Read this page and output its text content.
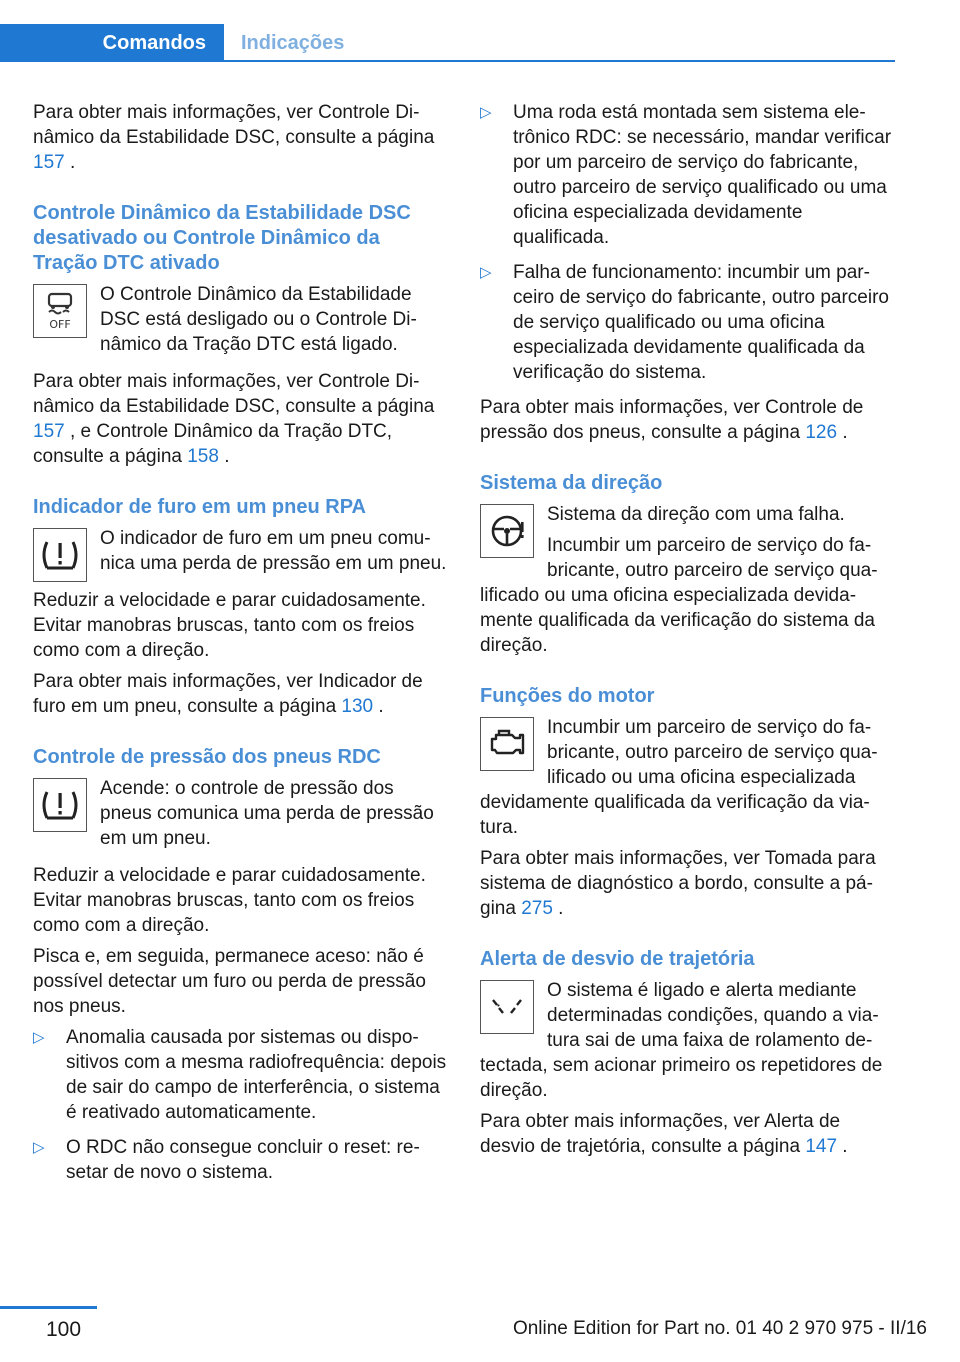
Comandos	Indicações

Para obter mais informações, ver Controle Dinâmico da Estabilidade DSC, consulte a página 157 .

Controle Dinâmico da Estabilidade DSC desativado ou Controle Dinâmico da Tração DTC ativado
OFF

O Controle Dinâmico da Estabilidade DSC está desligado ou o Controle Dinâmico da Tração DTC está ligado.

Para obter mais informações, ver Controle Dinâmico da Estabilidade DSC, consulte a página 157 , e Controle Dinâmico da Tração DTC, consulte a página 158 .

Indicador de furo em um pneu RPA

O indicador de furo em um pneu comunica uma perda de pressão em um pneu.

Reduzir a velocidade e parar cuidadosamente. Evitar manobras bruscas, tanto com os freios como com a direção.

Para obter mais informações, ver Indicador de furo em um pneu, consulte a página 130 .

Controle de pressão dos pneus RDC

Acende: o controle de pressão dos pneus comunica uma perda de pressão em um pneu.

Reduzir a velocidade e parar cuidadosamente. Evitar manobras bruscas, tanto com os freios como com a direção.

Pisca e, em seguida, permanece aceso: não é possível detectar um furo ou perda de pressão nos pneus.

▷ Anomalia causada por sistemas ou dispositivos com a mesma radiofrequência: depois de sair do campo de interferência, o sistema é reativado automaticamente.
▷ O RDC não consegue concluir o reset: resetar de novo o sistema.
▷ Uma roda está montada sem sistema eletrônico RDC: se necessário, mandar verificar por um parceiro de serviço do fabricante, outro parceiro de serviço qualificado ou uma oficina especializada devidamente qualificada.
▷ Falha de funcionamento: incumbir um parceiro de serviço do fabricante, outro parceiro de serviço qualificado ou uma oficina especializada devidamente qualificada da verificação do sistema.

Para obter mais informações, ver Controle de pressão dos pneus, consulte a página 126 .

Sistema da direção

Sistema da direção com uma falha.

Incumbir um parceiro de serviço do fabricante, outro parceiro de serviço qualificado ou uma oficina especializada devidamente qualificada da verificação do sistema da direção.

Funções do motor

Incumbir um parceiro de serviço do fabricante, outro parceiro de serviço qualificado ou uma oficina especializada devidamente qualificada da verificação da viatura.

Para obter mais informações, ver Tomada para sistema de diagnóstico a bordo, consulte a página 275 .

Alerta de desvio de trajetória

O sistema é ligado e alerta mediante determinadas condições, quando a viatura sai de uma faixa de rolamento detectada, sem acionar primeiro os repetidores de direção.

Para obter mais informações, ver Alerta de desvio de trajetória, consulte a página 147 .

100	Online Edition for Part no. 01 40 2 970 975 - II/16
